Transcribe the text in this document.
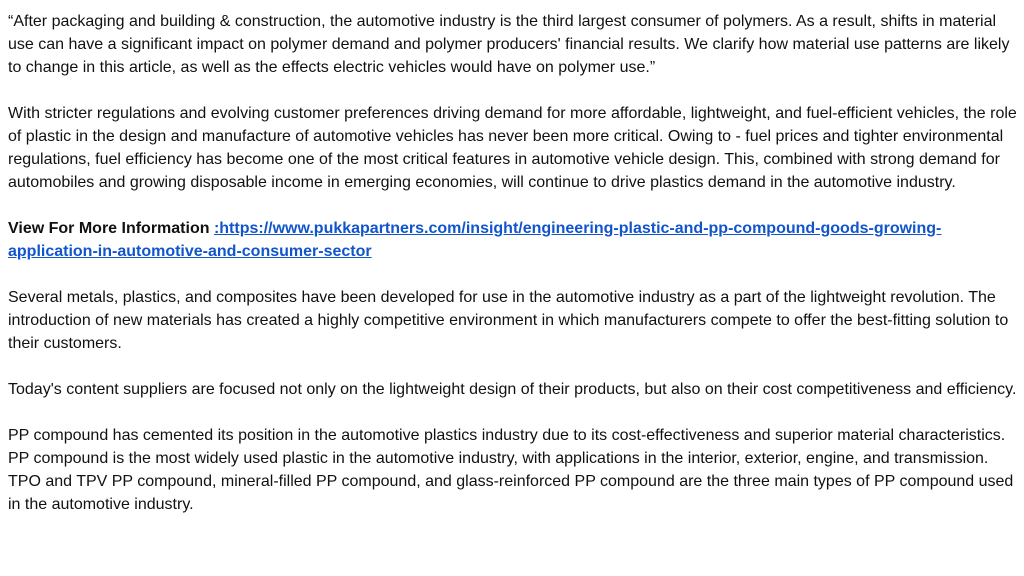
“After packaging and building & construction, the automotive industry is the third largest consumer of polymers. As a result, shifts in material use can have a significant impact on polymer demand and polymer producers' financial results. We clarify how material use patterns are likely to change in this article, as well as the effects electric vehicles would have on polymer use.”

With stricter regulations and evolving customer preferences driving demand for more affordable, lightweight, and fuel-efficient vehicles, the role of plastic in the design and manufacture of automotive vehicles has never been more critical. Owing to - fuel prices and tighter environmental regulations, fuel efficiency has become one of the most critical features in automotive vehicle design. This, combined with strong demand for automobiles and growing disposable income in emerging economies, will continue to drive plastics demand in the automotive industry.

View For More Information :https://www.pukkapartners.com/insight/engineering-plastic-and-pp-compound-goods-growing-application-in-automotive-and-consumer-sector

Several metals, plastics, and composites have been developed for use in the automotive industry as a part of the lightweight revolution. The introduction of new materials has created a highly competitive environment in which manufacturers compete to offer the best-fitting solution to their customers.

Today's content suppliers are focused not only on the lightweight design of their products, but also on their cost competitiveness and efficiency.

PP compound has cemented its position in the automotive plastics industry due to its cost-effectiveness and superior material characteristics. PP compound is the most widely used plastic in the automotive industry, with applications in the interior, exterior, engine, and transmission. TPO and TPV PP compound, mineral-filled PP compound, and glass-reinforced PP compound are the three main types of PP compound used in the automotive industry.
